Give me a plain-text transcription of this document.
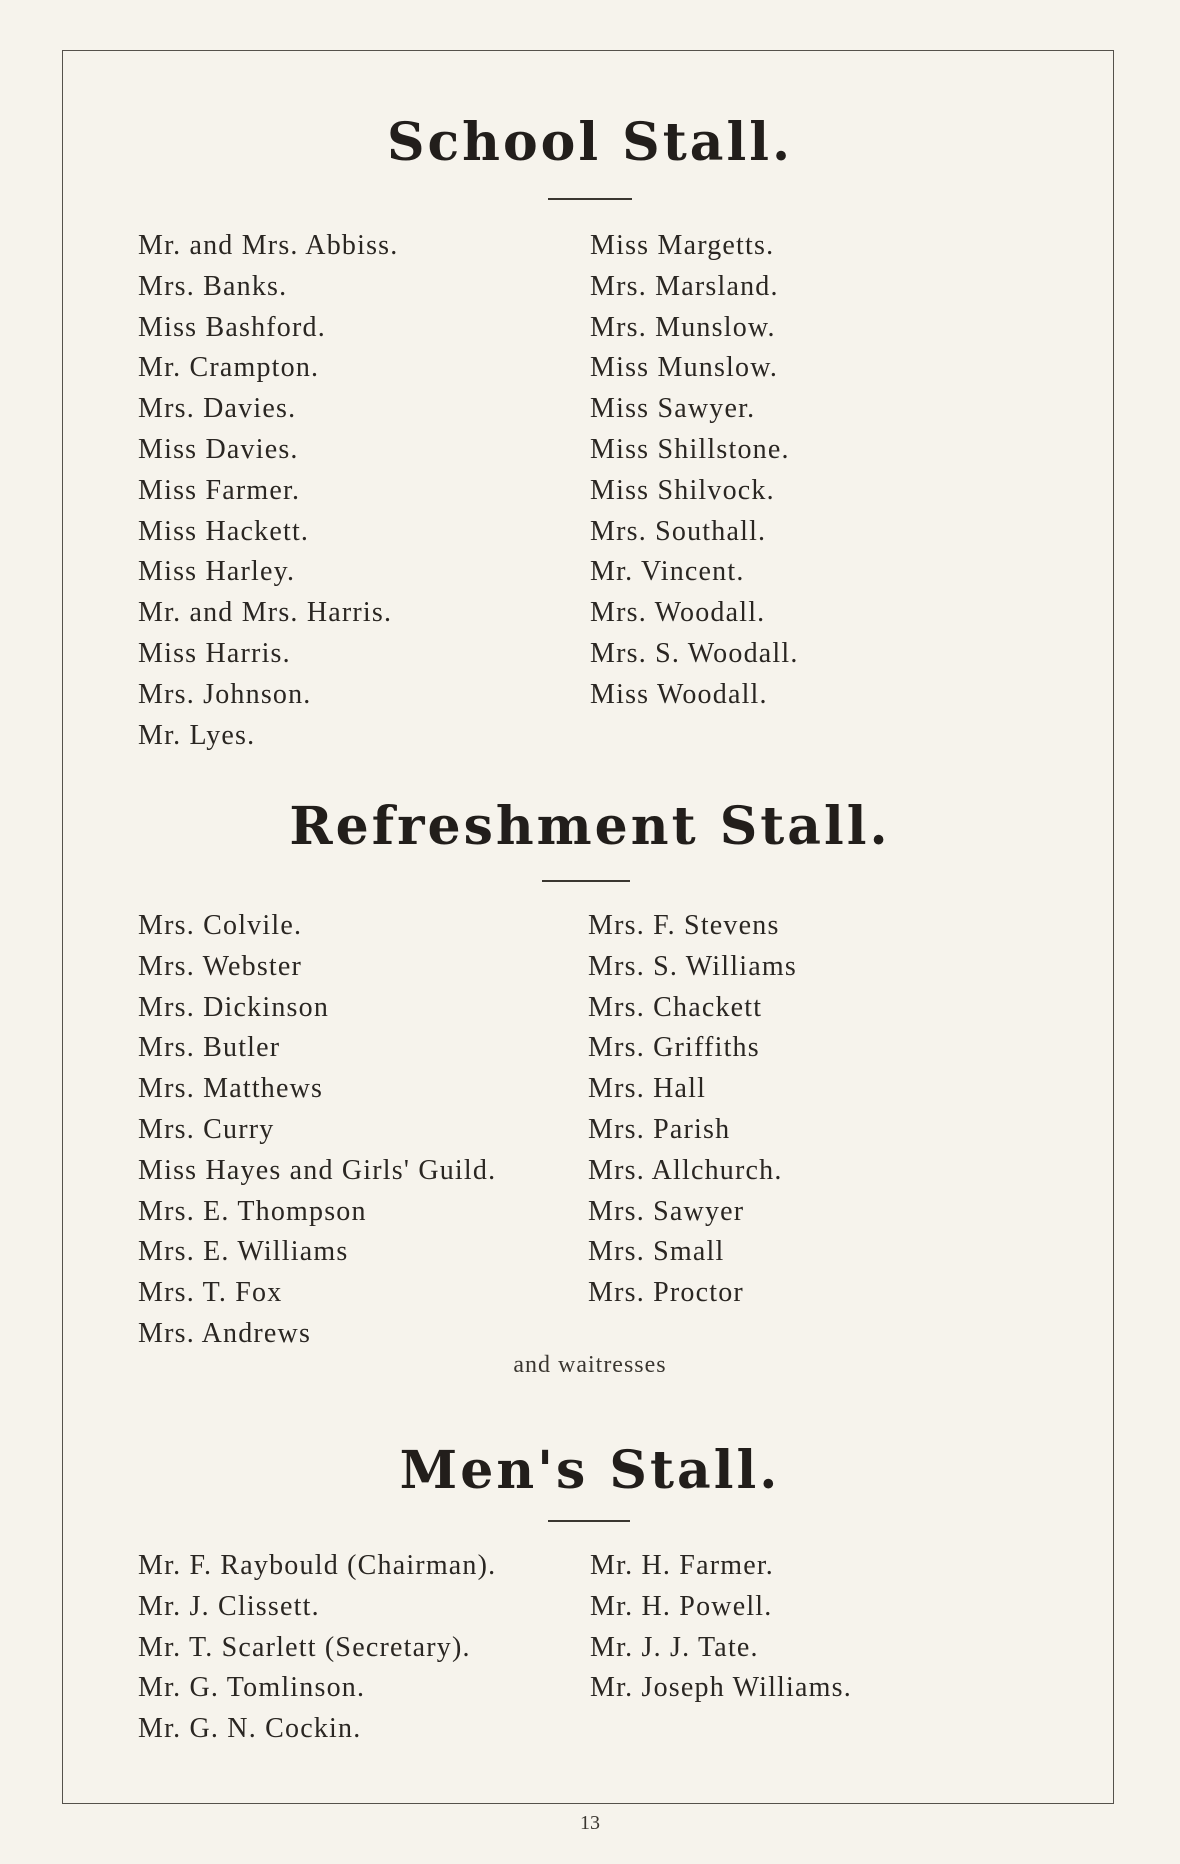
School Stall.
Mr. and Mrs. Abbiss.
Mrs. Banks.
Miss Bashford.
Mr. Crampton.
Mrs. Davies.
Miss Davies.
Miss Farmer.
Miss Hackett.
Miss Harley.
Mr. and Mrs. Harris.
Miss Harris.
Mrs. Johnson.
Mr. Lyes.
Miss Margetts.
Mrs. Marsland.
Mrs. Munslow.
Miss Munslow.
Miss Sawyer.
Miss Shillstone.
Miss Shilvock.
Mrs. Southall.
Mr. Vincent.
Mrs. Woodall.
Mrs. S. Woodall.
Miss Woodall.
Refreshment Stall.
Mrs. Colvile.
Mrs. Webster
Mrs. Dickinson
Mrs. Butler
Mrs. Matthews
Mrs. Curry
Miss Hayes and Girls' Guild.
Mrs. E. Thompson
Mrs. E. Williams
Mrs. T. Fox
Mrs. Andrews
Mrs. F. Stevens
Mrs. S. Williams
Mrs. Chackett
Mrs. Griffiths
Mrs. Hall
Mrs. Parish
Mrs. Allchurch.
Mrs. Sawyer
Mrs. Small
Mrs. Proctor
and waitresses
Men's Stall.
Mr. F. Raybould (Chairman).
Mr. J. Clissett.
Mr. T. Scarlett (Secretary).
Mr. G. Tomlinson.
Mr. G. N. Cockin.
Mr. H. Farmer.
Mr. H. Powell.
Mr. J. J. Tate.
Mr. Joseph Williams.
13
